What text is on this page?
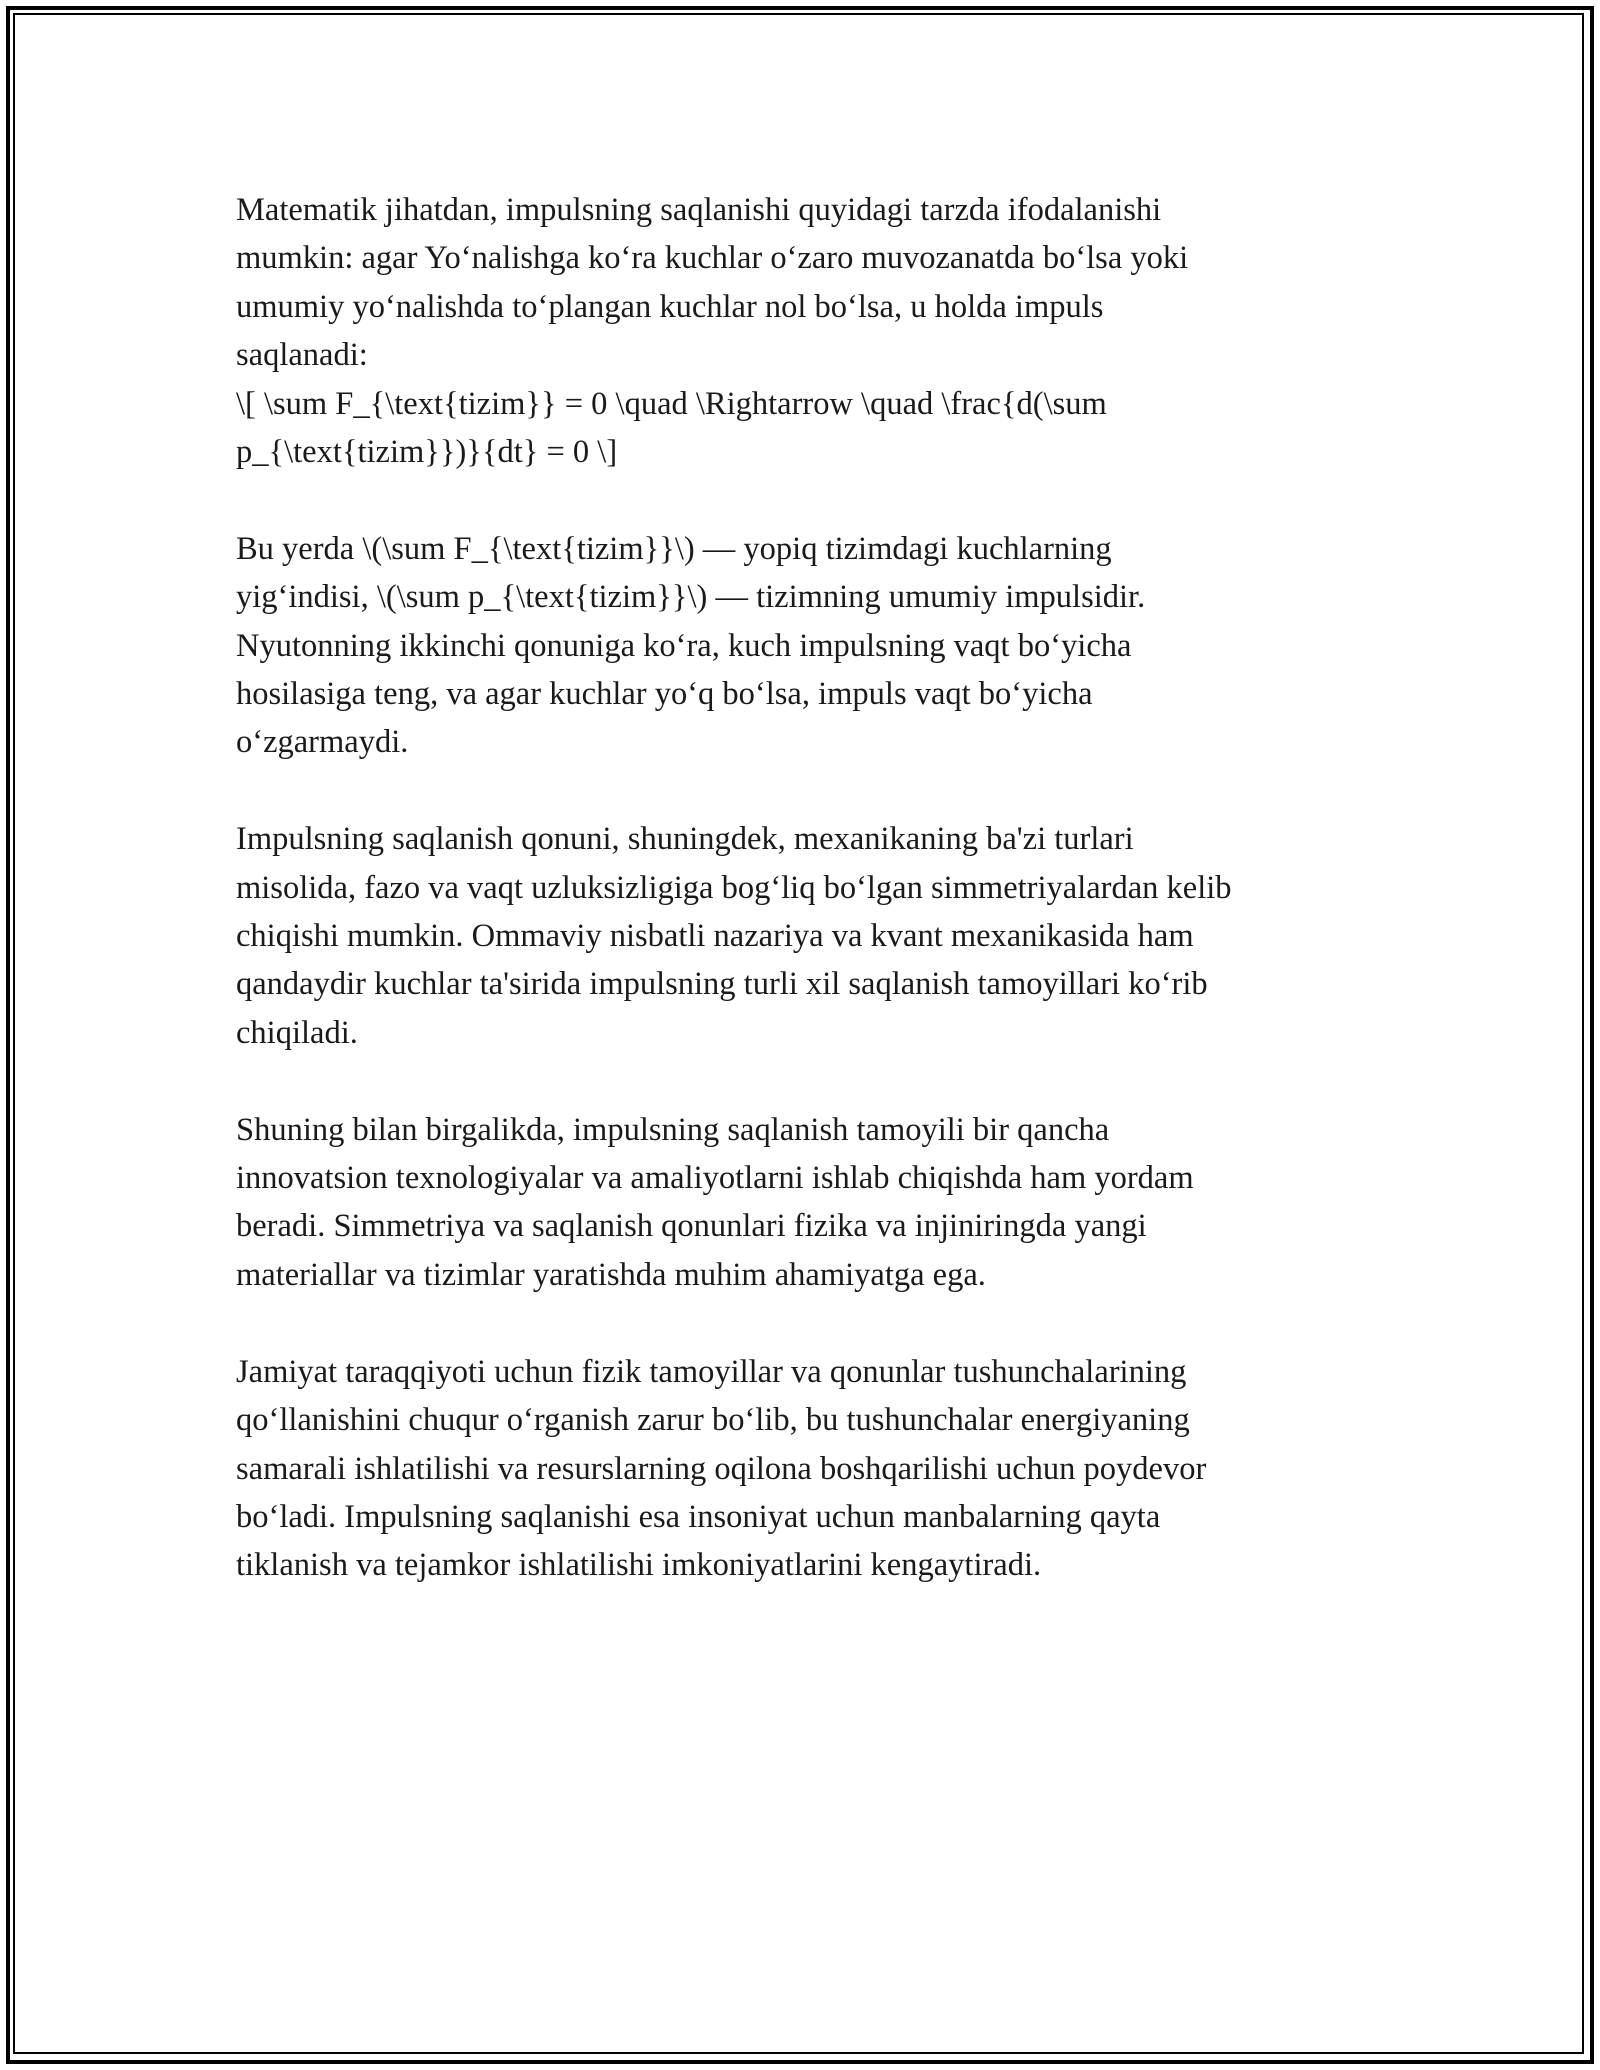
Matematik jihatdan, impulsning saqlanishi quyidagi tarzda ifodalanishi
mumkin: agar Yoʻnalishga koʻra kuchlar oʻzaro muvozanatda boʻlsa yoki
umumiy yoʻnalishda toʻplangan kuchlar nol boʻlsa, u holda impuls
saqlanadi:
\[ \sum F_{\text{tizim}} = 0 \quad \Rightarrow \quad \frac{d(\sum
p_{\text{tizim}})}{dt} = 0 \]

Bu yerda \(\sum F_{\text{tizim}}\) — yopiq tizimdagi kuchlarning
yigʻindisi, \(\sum p_{\text{tizim}}\) — tizimning umumiy impulsidir.
Nyutonning ikkinchi qonuniga koʻra, kuch impulsning vaqt boʻyicha
hosilasiga teng, va agar kuchlar yoʻq boʻlsa, impuls vaqt boʻyicha
oʻzgarmaydi.

Impulsning saqlanish qonuni, shuningdek, mexanikaning ba'zi turlari
misolida, fazo va vaqt uzluksizligiga bogʻliq boʻlgan simmetriyalardan kelib
chiqishi mumkin. Ommaviy nisbatli nazariya va kvant mexanikasida ham
qandaydir kuchlar ta'sirida impulsning turli xil saqlanish tamoyillari koʻrib
chiqiladi.

Shuning bilan birgalikda, impulsning saqlanish tamoyili bir qancha
innovatsion texnologiyalar va amaliyotlarni ishlab chiqishda ham yordam
beradi. Simmetriya va saqlanish qonunlari fizika va injiniringda yangi
materiallar va tizimlar yaratishda muhim ahamiyatga ega.

Jamiyat taraqqiyoti uchun fizik tamoyillar va qonunlar tushunchalarining
qoʻllanishini chuqur oʻrganish zarur boʻlib, bu tushunchalar energiyaning
samarali ishlatilishi va resurslarning oqilona boshqarilishi uchun poydevor
boʻladi. Impulsning saqlanishi esa insoniyat uchun manbalarning qayta
tiklanish va tejamkor ishlatilishi imkoniyatlarini kengaytiradi.
